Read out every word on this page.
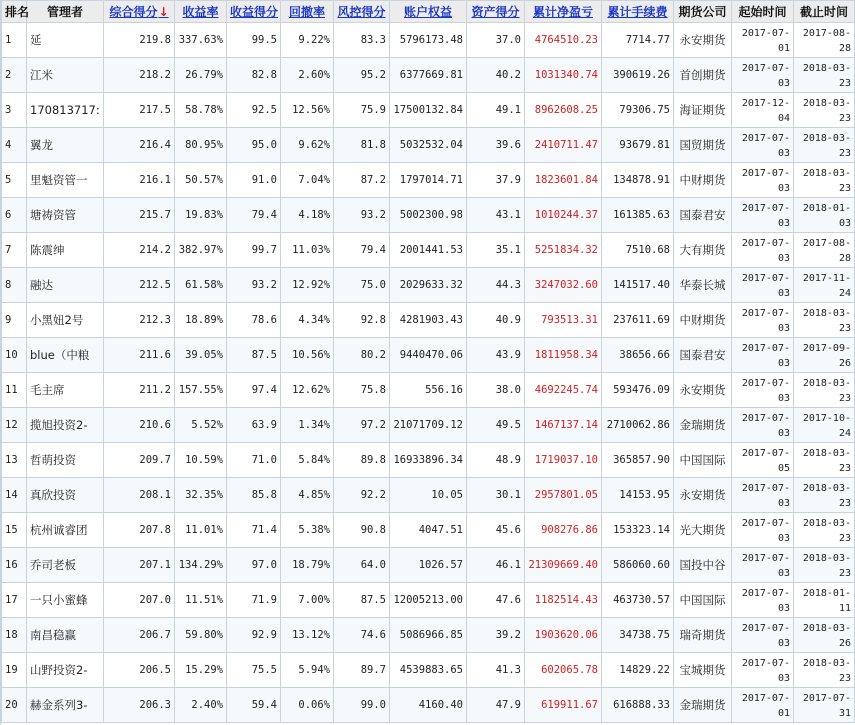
排名	管理者	综合得分↓	收益率	收益得分	回撤率	风控得分	账户权益	资产得分	累计净盈亏	累计手续费	期货公司	起始时间	截止时间
1	延	219.8	337.63%	99.5	9.22%	83.3	5796173.48	37.0	4764510.23	7714.77	永安期货	2017-07-01	2017-08-28
2	江米	218.2	26.79%	82.8	2.60%	95.2	6377669.81	40.2	1031340.74	390619.26	首创期货	2017-07-03	2018-03-23
3	170813717:	217.5	58.78%	92.5	12.56%	75.9	17500132.84	49.1	8962608.25	79306.75	海证期货	2017-12-04	2018-03-23
4	翼龙	216.4	80.95%	95.0	9.62%	81.8	5032532.04	39.6	2410711.47	93679.81	国贸期货	2017-07-03	2018-03-23
5	里魁资管一	216.1	50.57%	91.0	7.04%	87.2	1797014.71	37.9	1823601.84	134878.91	中财期货	2017-07-03	2018-03-23
6	塘祷资管	215.7	19.83%	79.4	4.18%	93.2	5002300.98	43.1	1010244.37	161385.63	国泰君安	2017-07-03	2018-01-03
7	陈震绅	214.2	382.97%	99.7	11.03%	79.4	2001441.53	35.1	5251834.32	7510.68	大有期货	2017-07-03	2017-08-28
8	融达	212.5	61.58%	93.2	12.92%	75.0	2029633.32	44.3	3247032.60	141517.40	华泰长城	2017-07-03	2017-11-24
9	小黑妞2号	212.3	18.89%	78.6	4.34%	92.8	4281903.43	40.9	793513.31	237611.69	中财期货	2017-07-03	2018-03-23
10	blue（中粮	211.6	39.05%	87.5	10.56%	80.2	9440470.06	43.9	1811958.34	38656.66	国泰君安	2017-07-03	2017-09-26
11	毛主席	211.2	157.55%	97.4	12.62%	75.8	556.16	38.0	4692245.74	593476.09	永安期货	2017-07-03	2018-03-23
12	揽旭投资2-	210.6	5.52%	63.9	1.34%	97.2	21071709.12	49.5	1467137.14	2710062.86	金瑞期货	2017-07-03	2017-10-24
13	哲萌投资	209.7	10.59%	71.0	5.84%	89.8	16933896.34	48.9	1719037.10	365857.90	中国国际	2017-07-05	2018-03-23
14	真欣投资	208.1	32.35%	85.8	4.85%	92.2	10.05	30.1	2957801.05	14153.95	永安期货	2017-07-03	2018-03-23
15	杭州诚睿团	207.8	11.01%	71.4	5.38%	90.8	4047.51	45.6	908276.86	153323.14	光大期货	2017-07-03	2018-03-23
16	乔司老板	207.1	134.29%	97.0	18.79%	64.0	1026.57	46.1	21309669.40	586060.60	国投中谷	2017-07-03	2018-03-23
17	一只小蜜蜂	207.0	11.51%	71.9	7.00%	87.5	12005213.00	47.6	1182514.43	463730.57	中国国际	2017-07-03	2018-01-11
18	南昌稳赢	206.7	59.80%	92.9	13.12%	74.6	5086966.85	39.2	1903620.06	34738.75	瑞奇期货	2017-07-03	2018-03-26
19	山野投资2-	206.5	15.29%	75.5	5.94%	89.7	4539883.65	41.3	602065.78	14829.22	宝城期货	2017-07-03	2018-03-23
20	赫金系列3-	206.3	2.40%	59.4	0.06%	99.0	4160.40	47.9	619911.67	616888.33	金瑞期货	2017-07-01	2017-07-31
